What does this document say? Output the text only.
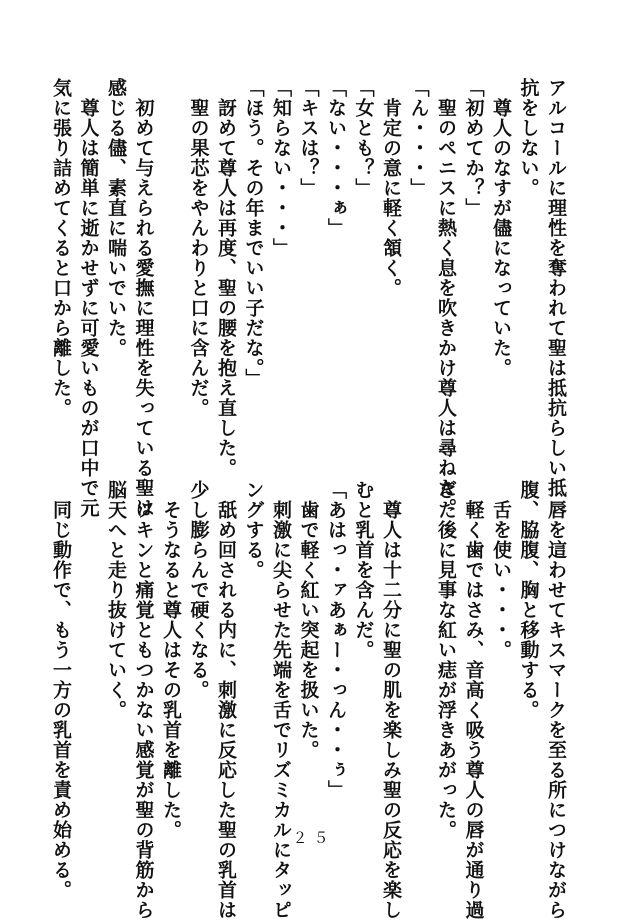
アルコールに理性を奪われて聖は抵抗らしい抵
抗をしない。
　尊人のなすが儘になっていた。
「初めてか？」
　聖のペニスに熱く息を吹きかけ尊人は尋ねた。
「ん・・・」
　肯定の意に軽く頷く。
「女とも？」
「ない・・・ぁ」
「キスは？」
「知らない・・・」
「ほう。その年までいい子だな。」
　訝めて尊人は再度、聖の腰を抱え直した。
　聖の果芯をやんわりと口に含んだ。

　初めて与えられる愛撫に理性を失っている聖は
感じる儘、素直に喘いでいた。
　尊人は簡単に逝かせずに可愛いものが口中で元
気に張り詰めてくると口から離した。
　唇を這わせてキスマークを至る所につけながら
腹、脇腹、胸と移動する。
　舌を使い・・・。
　軽く歯ではさみ、音高く吸う尊人の唇が通り過
ぎた後に見事な紅い痣が浮きあがった。

　尊人は十二分に聖の肌を楽しみ聖の反応を楽し
むと乳首を含んだ。
「あはっ・ァあぁー・っん・・ぅ」
　歯で軽く紅い突起を扱いた。
　刺激に尖らせた先端を舌でリズミカルにタッピ
ングする。
　舐め回される内に、刺激に反応した聖の乳首は
少し膨らんで硬くなる。
　そうなると尊人はその乳首を離した。
　ツキンと痛覚ともつかない感覚が聖の背筋から
脳天へと走り抜けていく。

　同じ動作で、もう一方の乳首を責め始める。	２５
